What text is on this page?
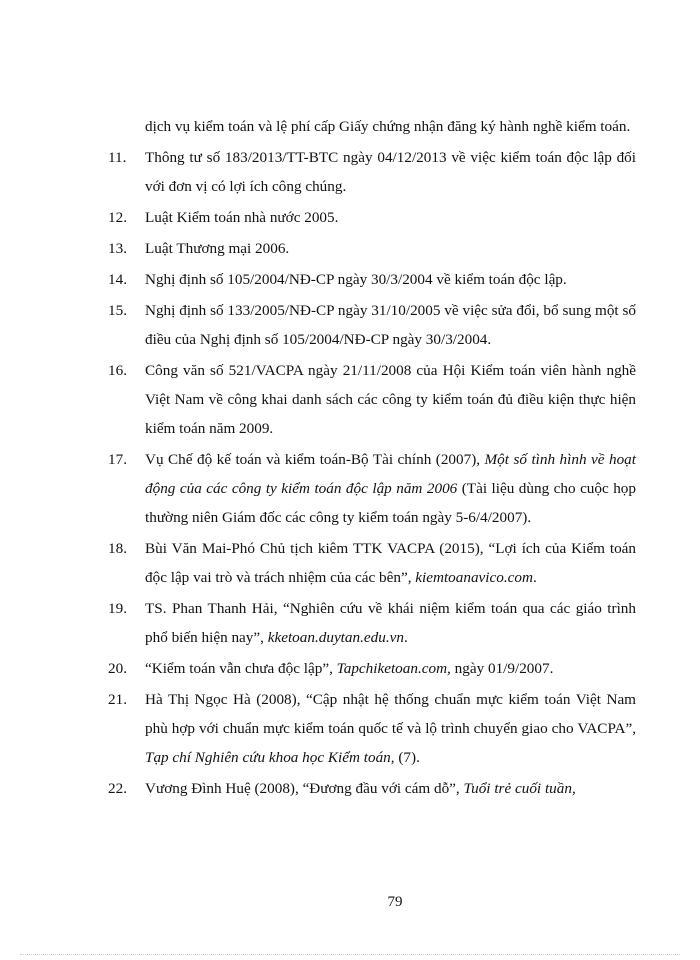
dịch vụ kiểm toán và lệ phí cấp Giấy chứng nhận đăng ký hành nghề kiểm toán.
11.	Thông tư số 183/2013/TT-BTC ngày 04/12/2013 về việc kiểm toán độc lập đối với đơn vị có lợi ích công chúng.
12.	Luật Kiểm toán nhà nước 2005.
13.	Luật Thương mại 2006.
14.	Nghị định số 105/2004/NĐ-CP ngày 30/3/2004 về kiểm toán độc lập.
15.	Nghị định số 133/2005/NĐ-CP ngày 31/10/2005 về việc sửa đổi, bổ sung một số điều của Nghị định số 105/2004/NĐ-CP ngày 30/3/2004.
16.	Công văn số 521/VACPA ngày 21/11/2008 của Hội Kiểm toán viên hành nghề Việt Nam về công khai danh sách các công ty kiểm toán đủ điều kiện thực hiện kiểm toán năm 2009.
17.	Vụ Chế độ kế toán và kiểm toán-Bộ Tài chính (2007), Một số tình hình về hoạt động của các công ty kiểm toán độc lập năm 2006 (Tài liệu dùng cho cuộc họp thường niên Giám đốc các công ty kiểm toán ngày 5-6/4/2007).
18.	Bùi Văn Mai-Phó Chủ tịch kiêm TTK VACPA (2015), “Lợi ích của Kiểm toán độc lập vai trò và trách nhiệm của các bên”, kiemtoanavico.com.
19.	TS. Phan Thanh Hải, “Nghiên cứu về khái niệm kiểm toán qua các giáo trình phổ biến hiện nay”, kketoan.duytan.edu.vn.
20.	“Kiểm toán vẫn chưa độc lập”, Tapchiketoan.com, ngày 01/9/2007.
21.	Hà Thị Ngọc Hà (2008), “Cập nhật hệ thống chuẩn mực kiểm toán Việt Nam phù hợp với chuẩn mực kiểm toán quốc tế và lộ trình chuyển giao cho VACPA”, Tạp chí Nghiên cứu khoa học Kiểm toán, (7).
22.	Vương Đình Huệ (2008), “Đương đầu với cám dỗ”, Tuổi trẻ cuối tuần,
79
